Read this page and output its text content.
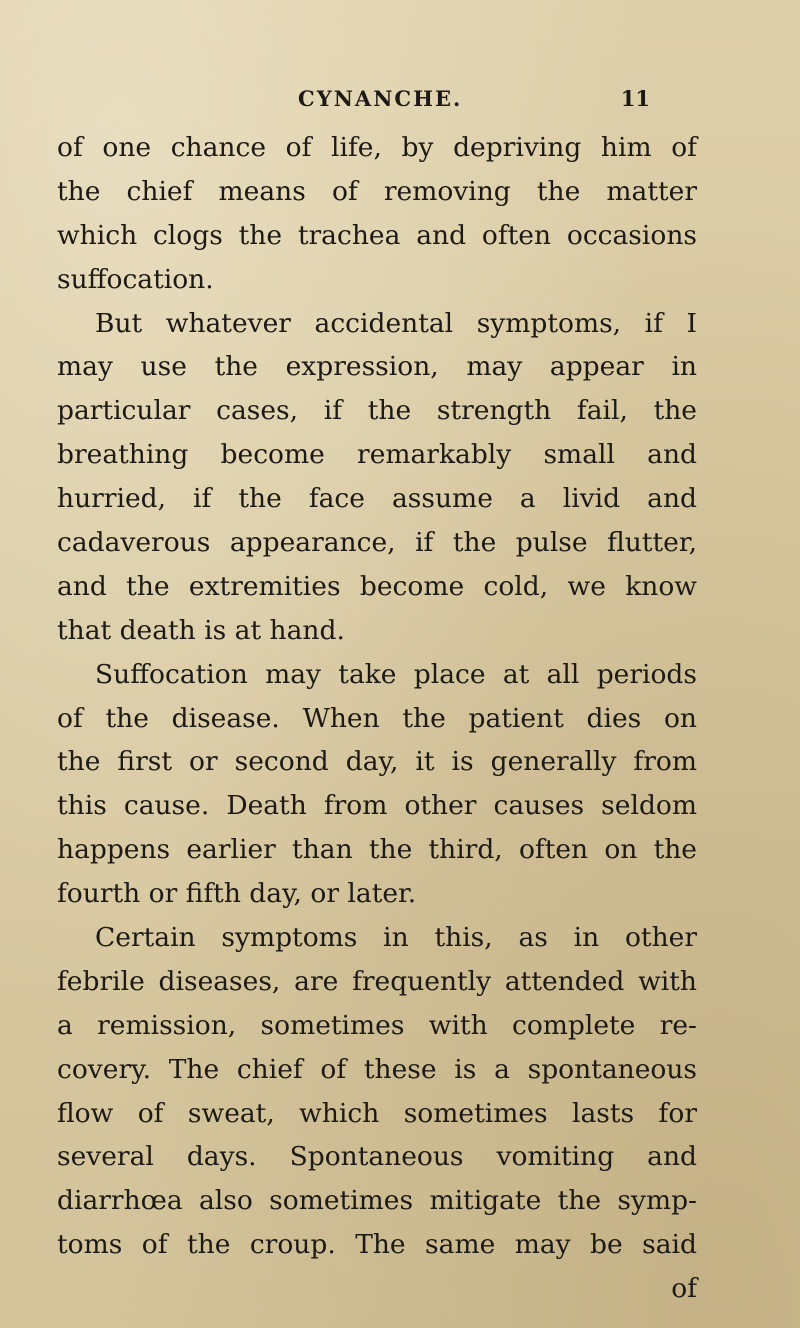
CYNANCHE.	11
of one chance of life, by depriving him of
the chief means of removing the matter
which clogs the trachea and often occasions
suffocation.
But whatever accidental symptoms, if I
may use the expression, may appear in
particular cases, if the strength fail, the
breathing become remarkably small and
hurried, if the face assume a livid and
cadaverous appearance, if the pulse flutter,
and the extremities become cold, we know
that death is at hand.
Suffocation may take place at all periods
of the disease. When the patient dies on
the first or second day, it is generally from
this cause. Death from other causes seldom
happens earlier than the third, often on the
fourth or fifth day, or later.
Certain symptoms in this, as in other
febrile diseases, are frequently attended with
a remission, sometimes with complete re-
covery. The chief of these is a spontaneous
flow of sweat, which sometimes lasts for
several days. Spontaneous vomiting and
diarrhœa also sometimes mitigate the symp-
toms of the croup. The same may be said
of
